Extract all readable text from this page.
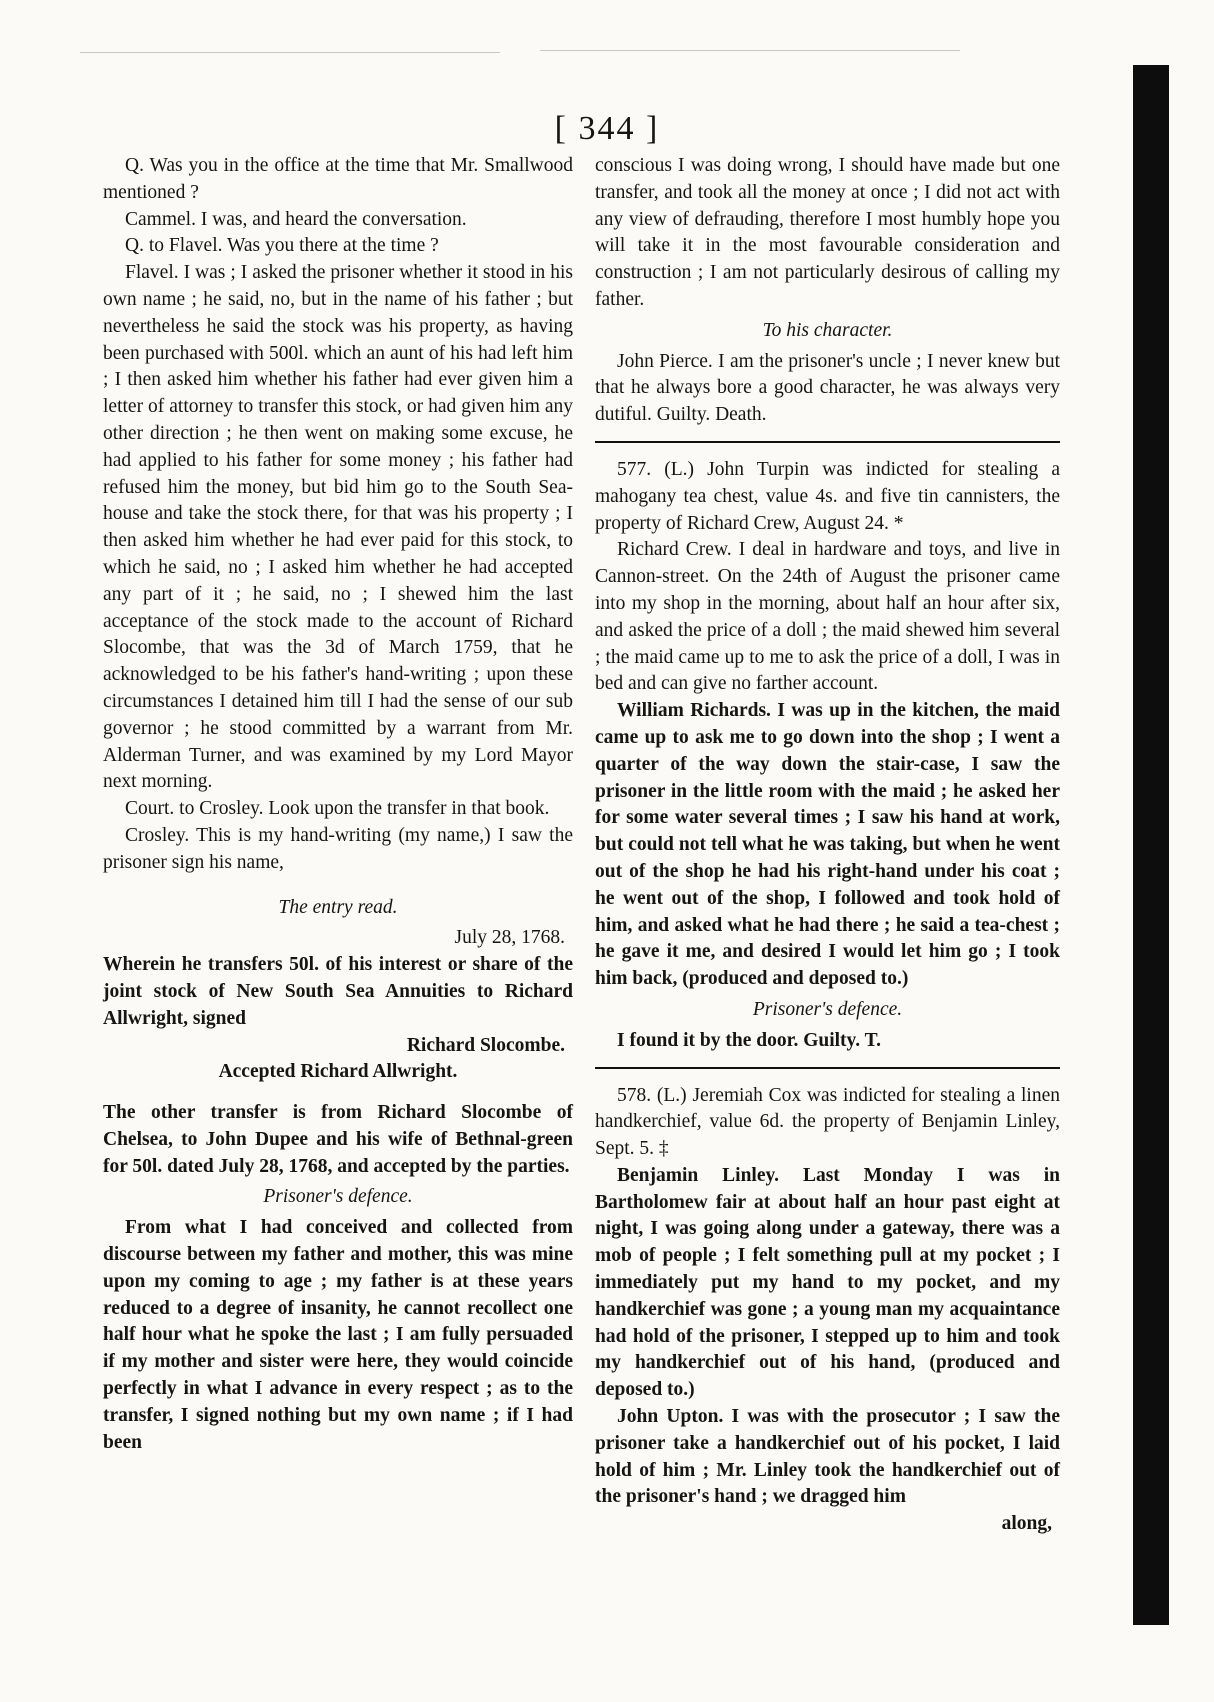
[ 344 ]

Q. Was you in the office at the time that Mr. Smallwood mentioned ?

Cammel. I was, and heard the conversation.

Q. to Flavel. Was you there at the time ?

Flavel. I was ; I asked the prisoner whether it stood in his own name ; he said, no, but in the name of his father ; but nevertheless he said the stock was his property, as having been purchased with 500l. which an aunt of his had left him ; I then asked him whether his father had ever given him a letter of attorney to transfer this stock, or had given him any other direction ; he then went on making some excuse, he had applied to his father for some money ; his father had refused him the money, but bid him go to the South Sea-house and take the stock there, for that was his property ; I then asked him whether he had ever paid for this stock, to which he said, no ; I asked him whether he had accepted any part of it ; he said, no ; I shewed him the last acceptance of the stock made to the account of Richard Slocombe, that was the 3d of March 1759, that he acknowledged to be his father's hand-writing ; upon these circumstances I detained him till I had the sense of our sub governor ; he stood committed by a warrant from Mr. Alderman Turner, and was examined by my Lord Mayor next morning.

Court. to Crosley. Look upon the transfer in that book.

Crosley. This is my hand-writing (my name,) I saw the prisoner sign his name,

The entry read.

July 28, 1768.

Wherein he transfers 50l. of his interest or share of the joint stock of New South Sea Annuities to Richard Allwright, signed

Richard Slocombe.

Accepted Richard Allwright.

The other transfer is from Richard Slocombe of Chelsea, to John Dupee and his wife of Bethnal-green for 50l. dated July 28, 1768, and accepted by the parties.

Prisoner's defence.

From what I had conceived and collected from discourse between my father and mother, this was mine upon my coming to age ; my father is at these years reduced to a degree of insanity, he cannot recollect one half hour what he spoke the last ; I am fully persuaded if my mother and sister were here, they would coincide perfectly in what I advance in every respect ; as to the transfer, I signed nothing but my own name ; if I had been

conscious I was doing wrong, I should have made but one transfer, and took all the money at once ; I did not act with any view of defrauding, therefore I most humbly hope you will take it in the most favourable consideration and construction ; I am not particularly desirous of calling my father.

To his character.

John Pierce. I am the prisoner's uncle ; I never knew but that he always bore a good character, he was always very dutiful. Guilty. Death.

577. (L.) John Turpin was indicted for stealing a mahogany tea chest, value 4s. and five tin cannisters, the property of Richard Crew, August 24. *

Richard Crew. I deal in hardware and toys, and live in Cannon-street. On the 24th of August the prisoner came into my shop in the morning, about half an hour after six, and asked the price of a doll ; the maid shewed him several ; the maid came up to me to ask the price of a doll, I was in bed and can give no farther account.

William Richards. I was up in the kitchen, the maid came up to ask me to go down into the shop ; I went a quarter of the way down the stair-case, I saw the prisoner in the little room with the maid ; he asked her for some water several times ; I saw his hand at work, but could not tell what he was taking, but when he went out of the shop he had his right-hand under his coat ; he went out of the shop, I followed and took hold of him, and asked what he had there ; he said a tea-chest ; he gave it me, and desired I would let him go ; I took him back, (produced and deposed to.)

Prisoner's defence.

I found it by the door. Guilty. T.

578. (L.) Jeremiah Cox was indicted for stealing a linen handkerchief, value 6d. the property of Benjamin Linley, Sept. 5. ‡

Benjamin Linley. Last Monday I was in Bartholomew fair at about half an hour past eight at night, I was going along under a gateway, there was a mob of people ; I felt something pull at my pocket ; I immediately put my hand to my pocket, and my handkerchief was gone ; a young man my acquaintance had hold of the prisoner, I stepped up to him and took my handkerchief out of his hand, (produced and deposed to.)

John Upton. I was with the prosecutor ; I saw the prisoner take a handkerchief out of his pocket, I laid hold of him ; Mr. Linley took the handkerchief out of the prisoner's hand ; we dragged him

along,
